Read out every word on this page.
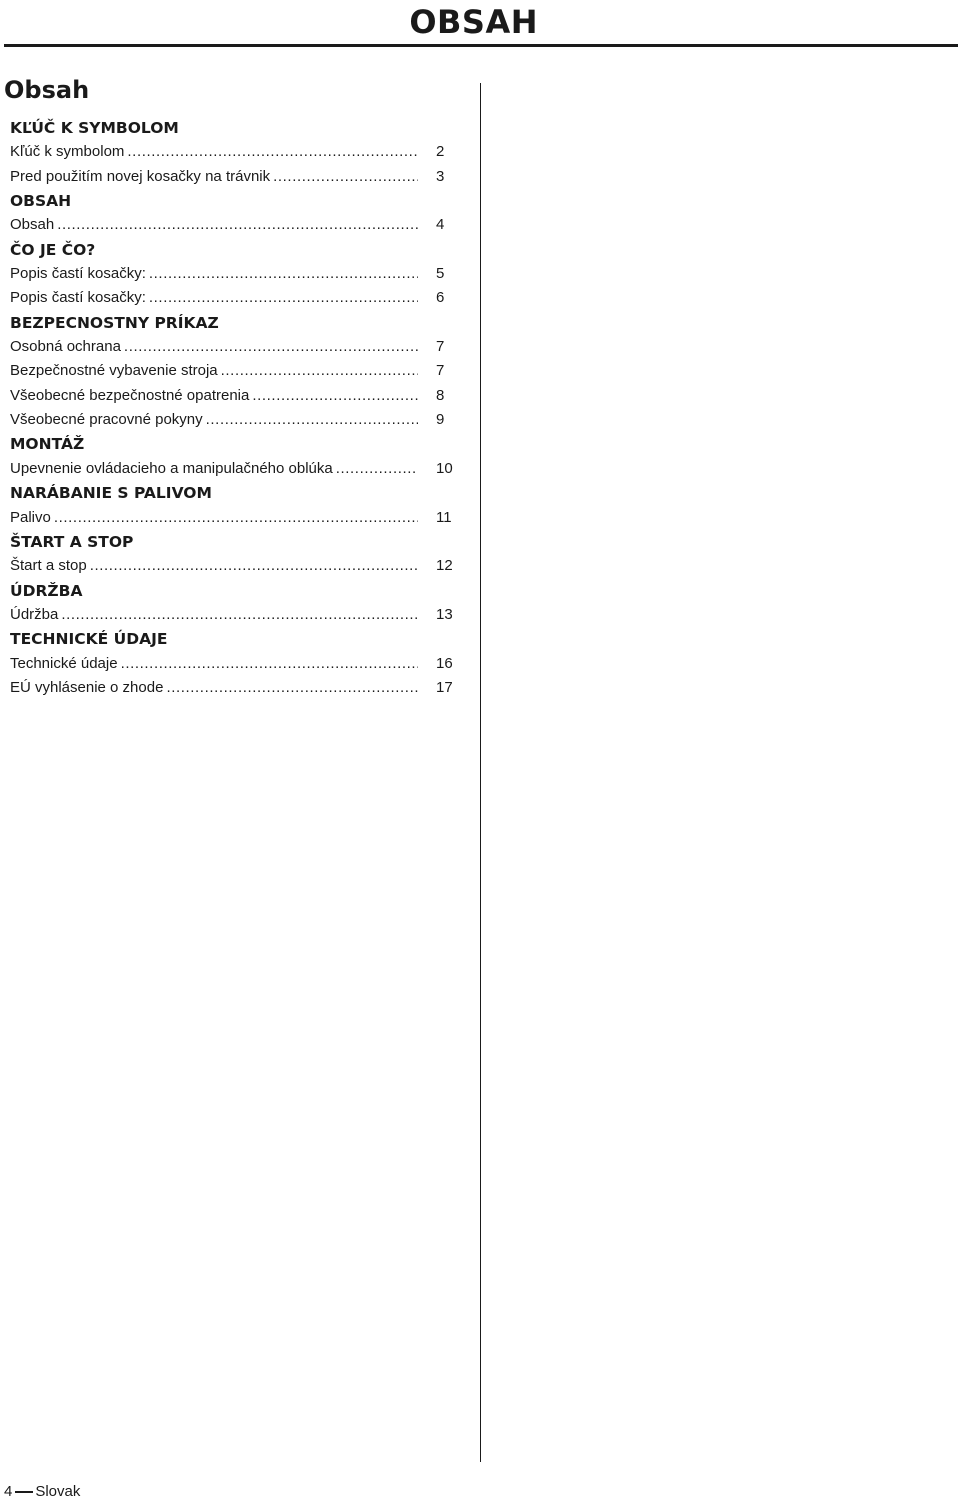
OBSAH
Obsah
KĽÚČ K SYMBOLOM
Kľúč k symbolom .....	2
Pred použitím novej kosačky na trávnik .....	3
OBSAH
Obsah .....	4
ČO JE ČO?
Popis častí kosačky: .....	5
Popis častí kosačky: .....	6
BEZPECNOSTNY PRÍKAZ
Osobná ochrana .....	7
Bezpečnostné vybavenie stroja .....	7
Všeobecné bezpečnostné opatrenia .....	8
Všeobecné pracovné pokyny .....	9
MONTÁŽ
Upevnenie ovládacieho a manipulačného oblúka .....	10
NARÁBANIE S PALIVOM
Palivo .....	11
ŠTART A STOP
Štart a stop .....	12
ÚDRŽBA
Údržba .....	13
TECHNICKÉ ÚDAJE
Technické údaje .....	16
EÚ vyhlásenie o zhode .....	17
4 Slovak
